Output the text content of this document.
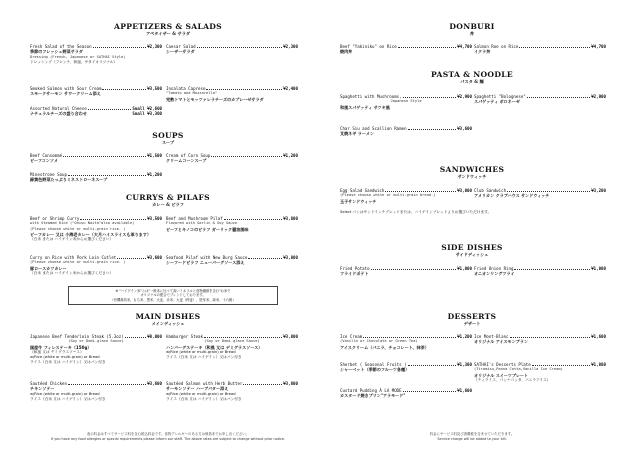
APPETIZERS & SALADS
アペタイザー & サラダ
Fresh Salad of the Season	¥2,300
季節のフレッシュ野菜サラダ
Dressing (French, Japanese or SATHAI Style)
ドレッシング（フレンチ、和風、サタイオリジナル）
Caesar Salad	¥2,300
シーザーサラダ
Smoked Salmon with Sour Cream	¥3,500
スモークサーモン サワークリーム添え
Insalata Caprese	¥2,400
"Tomato and Mozzarella"
完熟トマトとモッツァレラチーズのカプレーゼサラダ
Assorted Natural Cheese	Small ¥2,600
ナチュラルチーズの盛り合わせ	Small ¥3,300
SOUPS
スープ
Beef Consommé	¥1,500
ビーフコンソメ
Cream of Corn Soup	¥1,200
クリームコーンスープ
Minestrone Soup	¥1,200
緑黄色野菜たっぷりミネストローネスープ
CURRYS & PILAFS
カレー & ピラフ
Beef or Shrimp Curry	¥3,500
with Steamed Rice ("Ohisu Naita"also available)
(Please choose white or multi-grain rice. )
ビーフカレー 又は 小海老カレー（大月ハイスライスも承ります）
（白米 または ハイゲイン米からお選びください）
Beef and Mushroom Pilaf	¥3,800
Flavored with Garlic & Soy Sauce
ビーフとキノコのピラフ ガーリック醤油風味
Curry on Rice with Pork Loin Cutlet	¥3,600
(Please choose white or multi-grain rice. )
豚ロースカツカレー
（白米 または ハイゲイン米からお選びください）
Seafood Pilaf with New Burg Sauce	¥3,800
シーフードピラフ ニューバーグソース添え
※ "ハイゲイン米"とは"一般米に比べて高いミネラルと食物繊維を含む"お米で
オリジナルの配合でブレンドしております。
（有機栽培米、もち米、黒米、大麦、赤米、大麦（押麦）、胚芽米、緑米、十六穀）
MAIN DISHES
メインディッシュ
Japanese Beef Tenderloin Steak (5.3oz)	¥8,000
(Soy or Demi-glace Sauce)
国産牛 フィレステーキ（150g）
（和風 又は デミグラスソース）
w/Rice (white or multi-grain) or Bread
ライス（白米 又は ハイゲイン）又はパン付き
Hamburger Steak	¥3,800
(Soy or Demi-glace Sauce)
ハンバーグステーキ（和風 又は デミグラスソース）
w/Rice (white or multi-grain) or Bread
ライス（白米 又は ハイゲイン）又はパン付き
Sautéed Chicken	¥3,600
チキンソテー
w/Rice (white or multi-grain) or Bread
ライス（白米 又は ハイゲイン）又はパン付き
Sautéed Salmon with Herb Butter	¥3,800
サーモンソテー ハーブバター添え
w/Rice (white or multi-grain) or Bread
ライス（白米 又は ハイゲイン）又はパン付き
表示料金はすべてサービス料を含む税込料金です。食物アレルギーのある方は係員までお申し出ください。
If you have any food allergies or special requirements please inform our staff. The above rates are subject to change without prior notice.
DONBURI
丼
Beef "Yakiniku" on Rice	¥4,700
焼肉丼
Salmon Roe on Rice	¥4,700
イクラ丼
PASTA & NOODLE
パスタ & 麺
Spaghetti with Mushrooms,	¥2,900
Japanese Style
和風スパゲッティ サツキ風
Spaghetti "Bolognese"	¥2,900
スパゲッティ ボロネーゼ
Char Siu and Scallion Ramen	¥3,600
叉焼ネギ ラーメン
SANDWICHES
サンドウィッチ
Egg Salad Sandwich	¥3,000
(Please choose white or multi-grain bread.)
玉子サンドウィッチ
Club Sandwich	¥3,200
アメリカン クラブハウス サンドウィッチ
Select パンはサンドイッチブレッドまたは、ハイゲインブレッドよりお選びいただけます。
SIDE DISHES
サイドディッシュ
Fried Potato	¥1,000
フライドポテト
Fried Onion Ring	¥1,000
オニオンリングフライ
DESSERTS
デザート
Ice Cream	¥1,200
(Vanilla or Chocolate or Green Tea)
アイスクリーム（バニラ、チョコレート、抹茶）
Ice Mont-Blanc	¥1,600
オリジナル アイスモンブラン
Sherbet ( Seasonal Fruits )	¥1,300
シャーベット（季節のフルーツ各種）
SATHAI's Desserts Plate	¥1,800
(Tiramisu,Panna Cotta,Vanilla Ice Cream)
オリジナル スイーツプレート
（ティラミス、パンナコッタ、バニラアイス）
Custard Pudding À LA MODE	¥1,600
カスタード焼きプリン"アラモード"
料金にサービス料及び消費税を含ませていただきます。
Service charge will be added to your bill.
